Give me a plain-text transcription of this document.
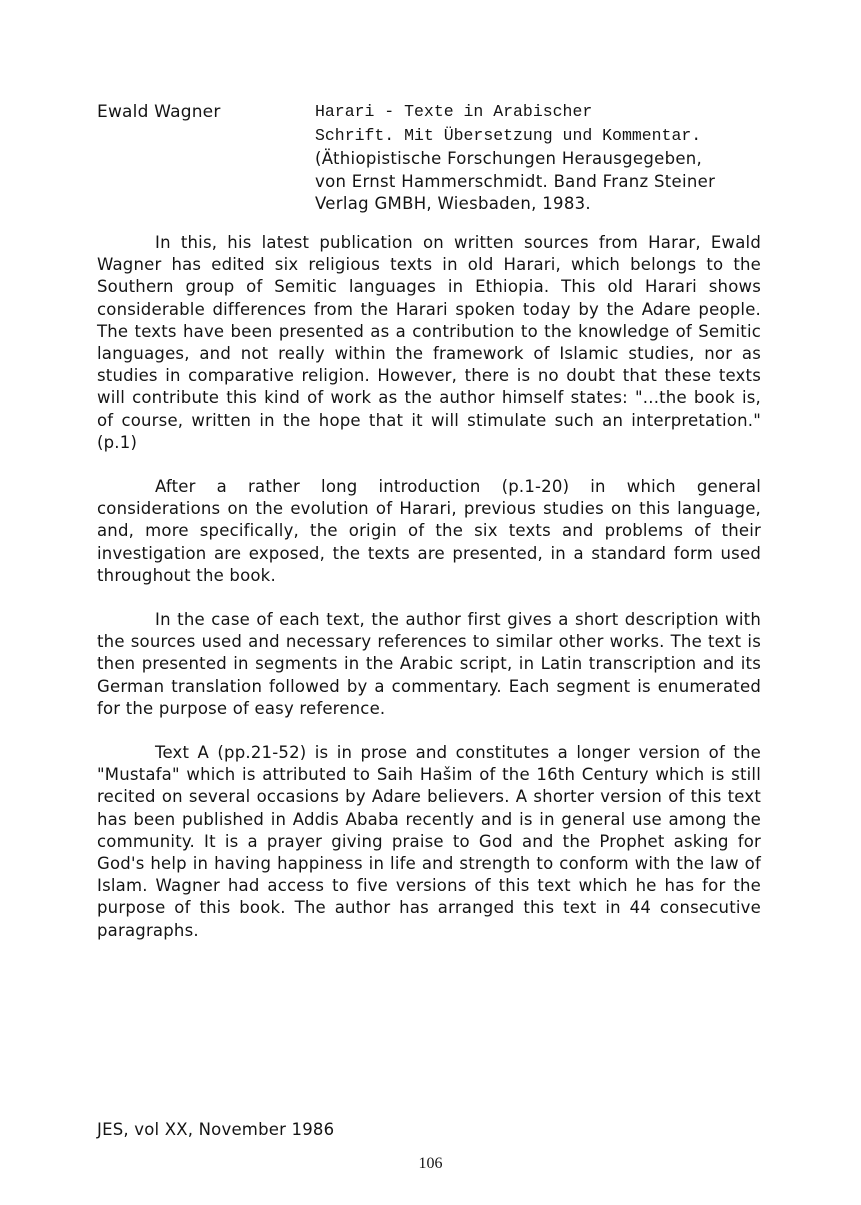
Ewald Wagner	Harari - Texte in Arabischer
Schrift. Mit Übersetzung und Kommentar.
(Äthiopistische Forschungen Herausgegeben,
von Ernst Hammerschmidt. Band Franz Steiner
Verlag GMBH, Wiesbaden, 1983.

In this, his latest publication on written sources from Harar, Ewald Wagner has edited six religious texts in old Harari, which belongs to the Southern group of Semitic languages in Ethiopia. This old Harari shows considerable differences from the Harari spoken today by the Adare people. The texts have been presented as a contribution to the knowledge of Semitic languages, and not really within the framework of Islamic studies, nor as studies in comparative religion. However, there is no doubt that these texts will contribute this kind of work as the author himself states: "...the book is, of course, written in the hope that it will stimulate such an interpretation." (p.1)

After a rather long introduction (p.1-20) in which general considerations on the evolution of Harari, previous studies on this language, and, more specifically, the origin of the six texts and problems of their investigation are exposed, the texts are presented, in a standard form used throughout the book.

In the case of each text, the author first gives a short description with the sources used and necessary references to similar other works. The text is then presented in segments in the Arabic script, in Latin transcription and its German translation followed by a commentary. Each segment is enumerated for the purpose of easy reference.

Text A (pp.21-52) is in prose and constitutes a longer version of the "Mustafa" which is attributed to Saih Hašim of the 16th Century which is still recited on several occasions by Adare believers. A shorter version of this text has been published in Addis Ababa recently and is in general use among the community. It is a prayer giving praise to God and the Prophet asking for God's help in having happiness in life and strength to conform with the law of Islam. Wagner had access to five versions of this text which he has for the purpose of this book. The author has arranged this text in 44 consecutive paragraphs.

JES, vol XX, November 1986
106
